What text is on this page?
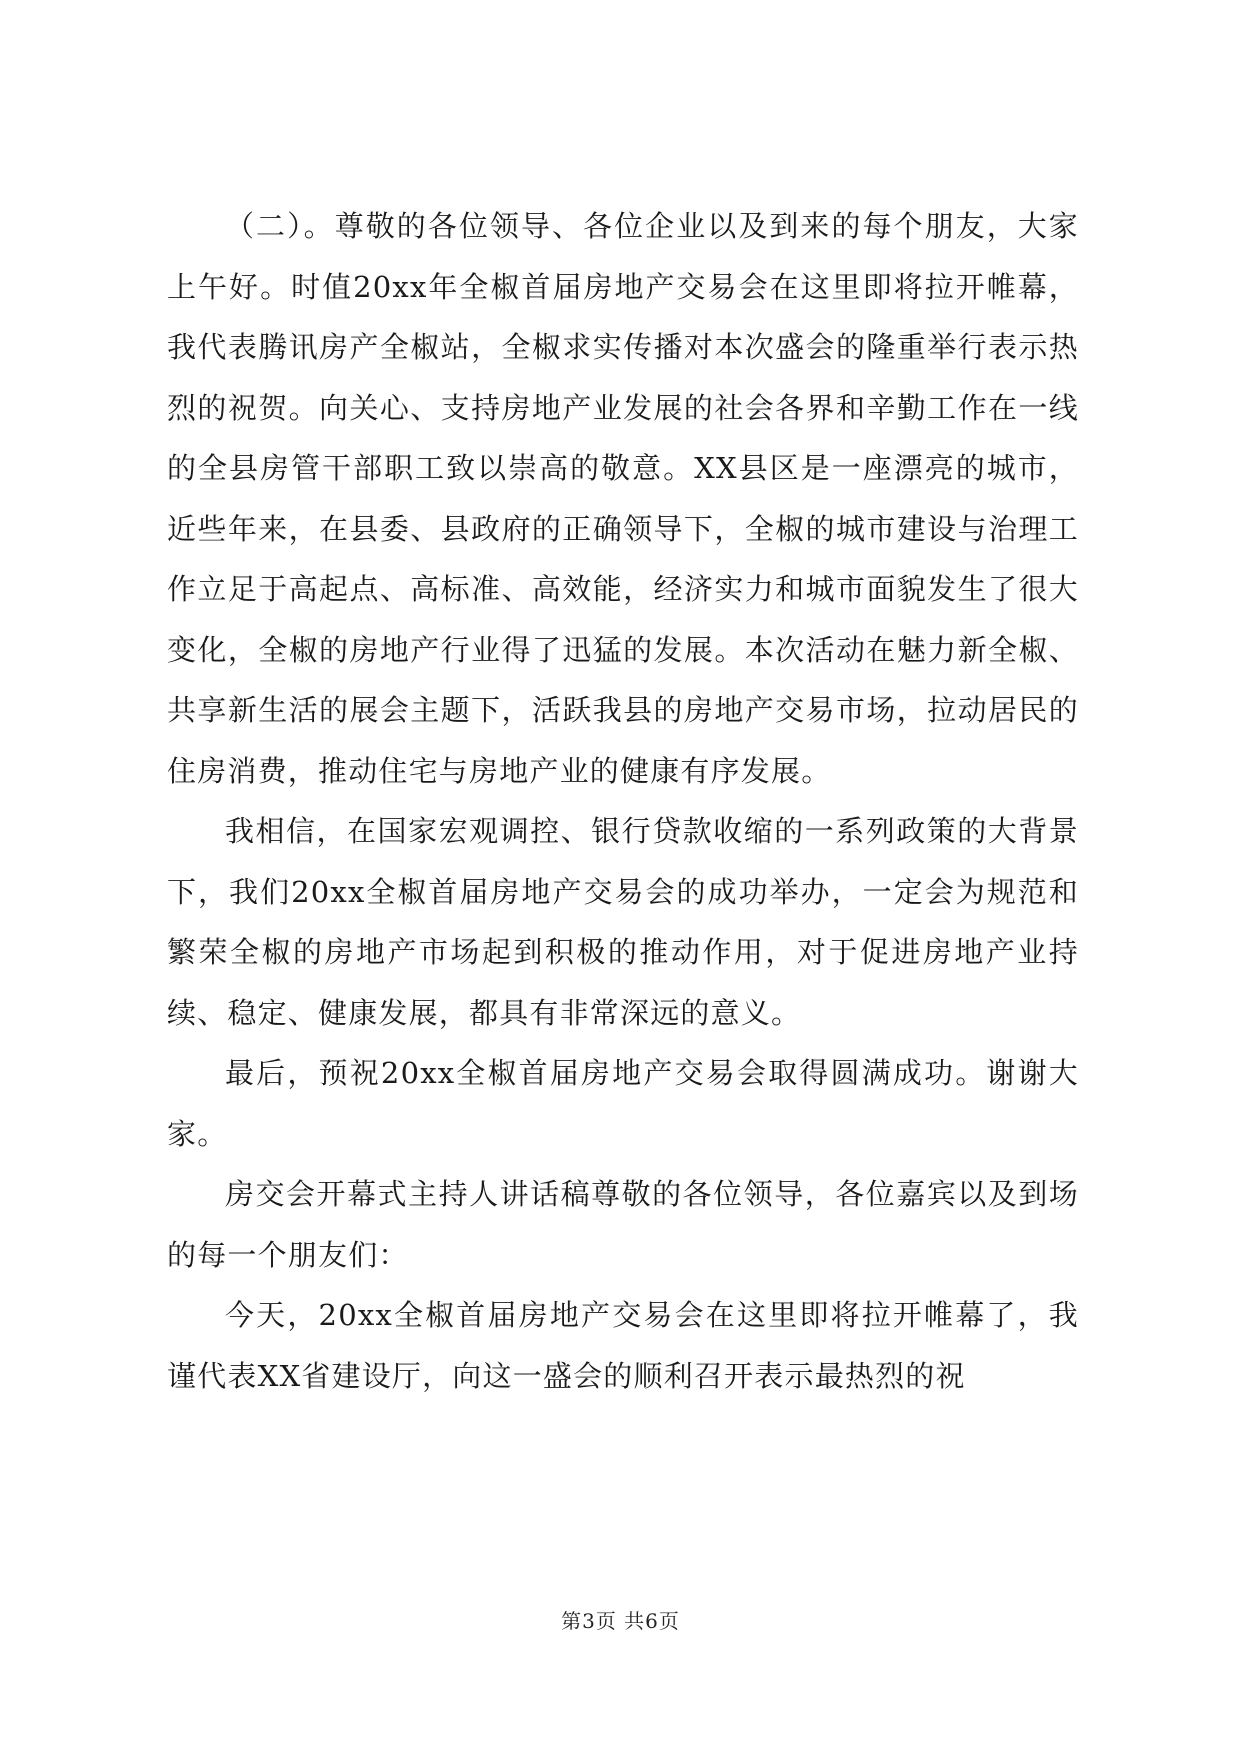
（二）。尊敬的各位领导、各位企业以及到来的每个朋友，大家上午好。时值20xx年全椒首届房地产交易会在这里即将拉开帷幕，我代表腾讯房产全椒站，全椒求实传播对本次盛会的隆重举行表示热烈的祝贺。向关心、支持房地产业发展的社会各界和辛勤工作在一线的全县房管干部职工致以崇高的敬意。XX县区是一座漂亮的城市，近些年来，在县委、县政府的正确领导下，全椒的城市建设与治理工作立足于高起点、高标准、高效能，经济实力和城市面貌发生了很大变化，全椒的房地产行业得了迅猛的发展。本次活动在魅力新全椒、共享新生活的展会主题下，活跃我县的房地产交易市场，拉动居民的住房消费，推动住宅与房地产业的健康有序发展。

我相信，在国家宏观调控、银行贷款收缩的一系列政策的大背景下，我们20xx全椒首届房地产交易会的成功举办，一定会为规范和繁荣全椒的房地产市场起到积极的推动作用，对于促进房地产业持续、稳定、健康发展，都具有非常深远的意义。

最后，预祝20xx全椒首届房地产交易会取得圆满成功。谢谢大家。

房交会开幕式主持人讲话稿尊敬的各位领导，各位嘉宾以及到场的每一个朋友们：

今天，20xx全椒首届房地产交易会在这里即将拉开帷幕了，我谨代表XX省建设厅，向这一盛会的顺利召开表示最热烈的祝

第3页 共6页
